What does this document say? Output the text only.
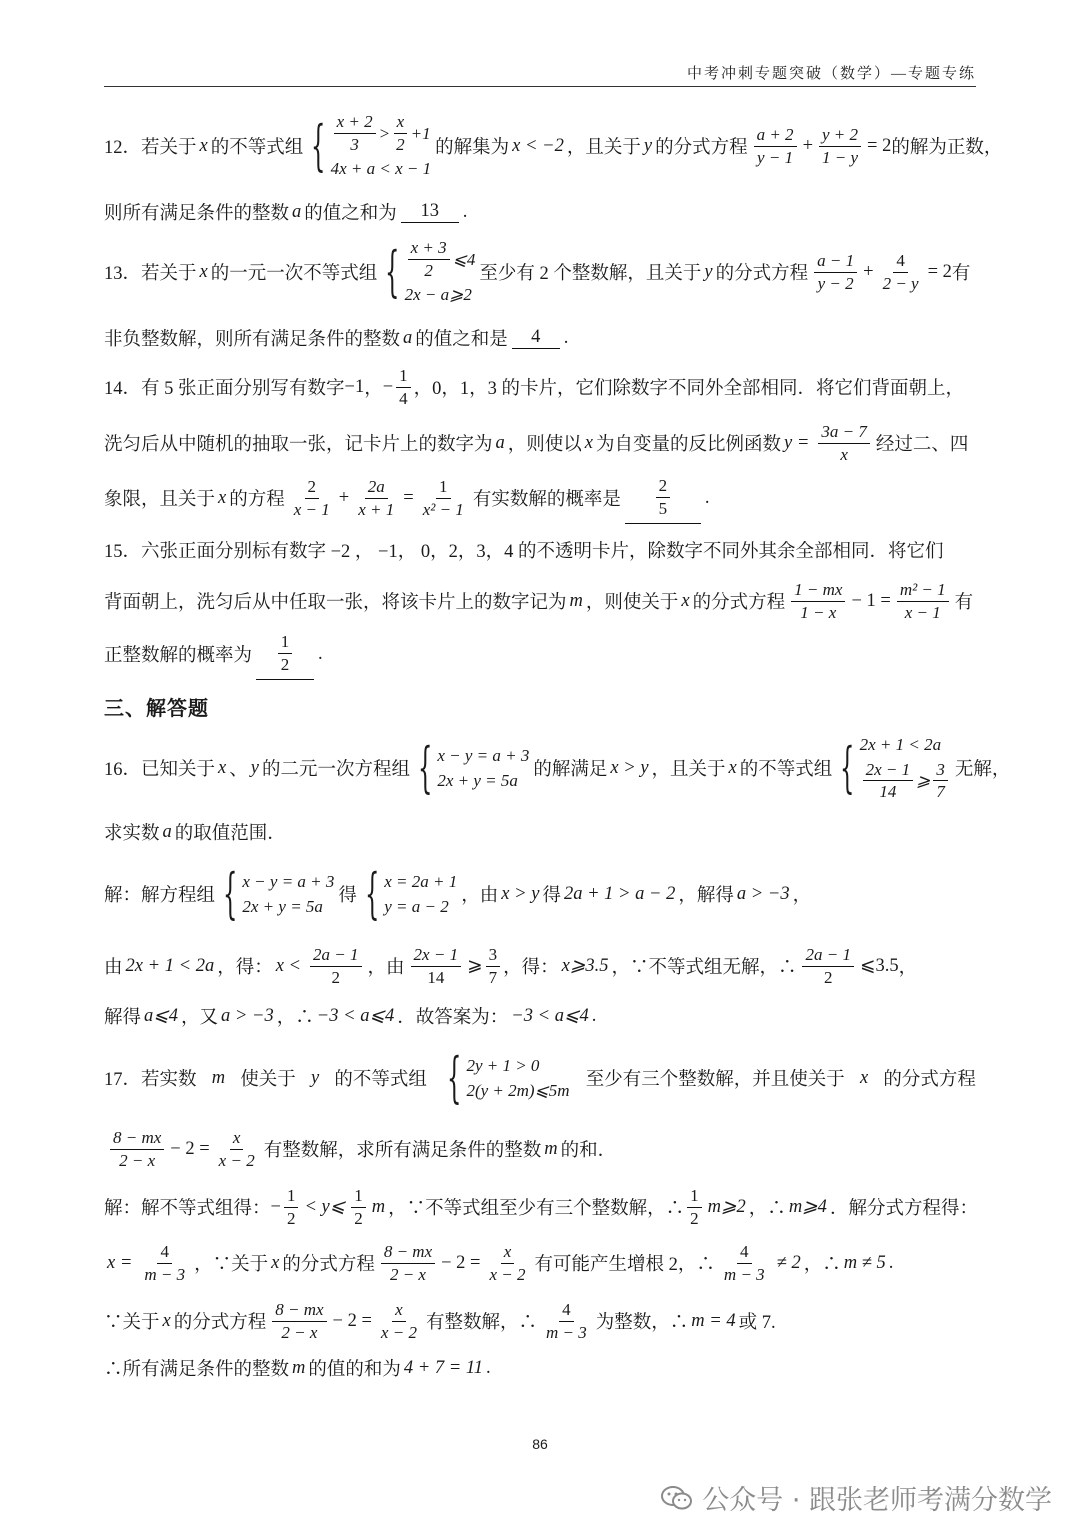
中考冲刺专题突破（数学）—专题专练
12．若关于 x 的不等式组 { $\frac{x + 2}{3} > \frac{x}{2} +1$
4x + a < x − 1
的解集为 x < −2 ，且关于 y 的分式方程 $\frac{a + 2}{y - 1} + \frac{y + 2}{1 - y} = 2$ 的解为正数，
则所有满足条件的整数 a 的值之和为	13	.
13．若关于 x 的一元一次不等式组 { $\frac{x + 3}{2}$ ⩽4
2x − a⩾2
至少有 2 个整数解，且关于 y 的分式方程 $\frac{a - 1}{y - 2} + \frac{4}{2 - y} = 2$ 有
非负整数解，则所有满足条件的整数 a 的值之和是	4	.
14．有 5 张正面分别写有数字 −1 ， − $\frac{1}{4}$ ，0，1，3 的卡片，它们除数字不同外全部相同．将它们背面朝上，
洗匀后从中随机的抽取一张，记卡片上的数字为 a ，则使以 x 为自变量的反比例函数 $y = \frac{3a - 7}{x}$ 经过二、四
象限，且关于 x 的方程 $\frac{2}{x - 1} + \frac{2a}{x + 1} = \frac{1}{\text{x² − 1}}$ 有实数解的概率是 $\frac{2}{5}$ .
15．六张正面分别标有数字 −2 ， −1， 0，2，3，4 的不透明卡片，除数字不同外其余全部相同．将它们
背面朝上，洗匀后从中任取一张，将该卡片上的数字记为 m ，则使关于 x 的分式方程 $\frac{1 - mx}{1 - x} - 1 = \frac{\text{m² − 1}}{x - 1}$ 有
正整数解的概率为 $\frac{1}{2}$ .
三、解答题
16．已知关于 x 、 y 的二元一次方程组 { x − y = a + 3
2x + y = 5a
的解满足 x > y ，且关于 x 的不等式组 { 2x + 1 < 2a
$\frac{2x - 1}{14}$ ⩾ $\frac{3}{7}$ 无解，
求实数 a 的取值范围．
解：解方程组 { x − y = a + 3
2x + y = 5a
得 { x = 2a + 1
y = a − 2
，由 x > y 得 2a + 1 > a − 2 ，解得 a > −3 ，
由 2x + 1 < 2a ，得： $x < \frac{2a - 1}{2}$ ，由 $\frac{2x - 1}{14}$ ⩾ $\frac{3}{7}$ ，得： x⩾3.5 ，∵不等式组无解，∴ $\frac{2a - 1}{2}$ ⩽3.5 ，
解得 a⩽4 ，又 a > −3 ，∴ −3 < a⩽4 ．故答案为： −3 < a⩽4 .
17．若实数 m 使关于 y 的不等式组 { 2y + 1 > 0
2(y + 2m)⩽5m
至少有三个整数解，并且使关于 x 的分式方程
$\frac{8 - mx}{2 - x} - 2 = \frac{x}{x - 2}$ 有整数解，求所有满足条件的整数 m 的和．
解：解不等式组得： − $\frac{1}{2}$ < y⩽ $\frac{1}{2}$ m ，∵不等式组至少有三个整数解，∴ $\frac{1}{2}$ m⩾2 ，∴ m⩾4 ．解分式方程得：
$x = \frac{4}{m - 3}$ ，∵关于 x 的分式方程 $\frac{8 - mx}{2 - x} - 2 = \frac{x}{x - 2}$ 有可能产生增根 2，∴ $\frac{4}{m - 3} \ne 2$ ，∴ m ≠ 5 .
∵关于 x 的分式方程 $\frac{8 - mx}{2 - x} - 2 = \frac{x}{x - 2}$ 有整数解，∴ $\frac{4}{m - 3}$ 为整数，∴ m = 4 或 7.
∴所有满足条件的整数 m 的值的和为 4 + 7 = 11 .
86
公众号 · 跟张老师考满分数学
